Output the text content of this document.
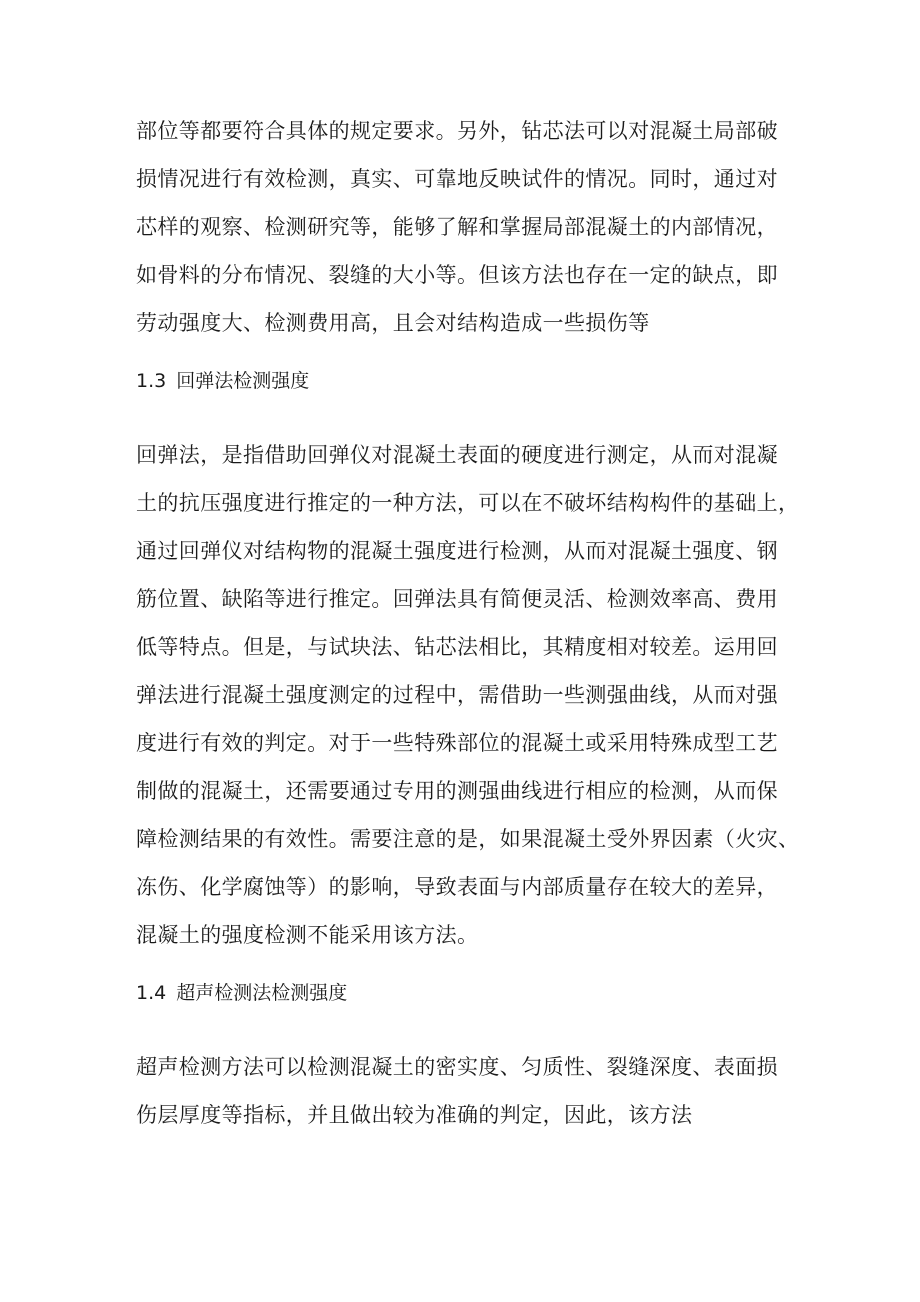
部位等都要符合具体的规定要求。另外，钻芯法可以对混凝土局部破
损情况进行有效检测，真实、可靠地反映试件的情况。同时，通过对
芯样的观察、检测研究等，能够了解和掌握局部混凝土的内部情况，
如骨料的分布情况、裂缝的大小等。但该方法也存在一定的缺点，即
劳动强度大、检测费用高，且会对结构造成一些损伤等
1.3 回弹法检测强度
回弹法，是指借助回弹仪对混凝土表面的硬度进行测定，从而对混凝
土的抗压强度进行推定的一种方法，可以在不破坏结构构件的基础上，
通过回弹仪对结构物的混凝土强度进行检测，从而对混凝土强度、钢
筋位置、缺陷等进行推定。回弹法具有简便灵活、检测效率高、费用
低等特点。但是，与试块法、钻芯法相比，其精度相对较差。运用回
弹法进行混凝土强度测定的过程中，需借助一些测强曲线，从而对强
度进行有效的判定。对于一些特殊部位的混凝土或采用特殊成型工艺
制做的混凝土，还需要通过专用的测强曲线进行相应的检测，从而保
障检测结果的有效性。需要注意的是，如果混凝土受外界因素（火灾、
冻伤、化学腐蚀等）的影响，导致表面与内部质量存在较大的差异，
混凝土的强度检测不能采用该方法。
1.4 超声检测法检测强度
超声检测方法可以检测混凝土的密实度、匀质性、裂缝深度、表面损
伤层厚度等指标，并且做出较为准确的判定，因此，该方法
